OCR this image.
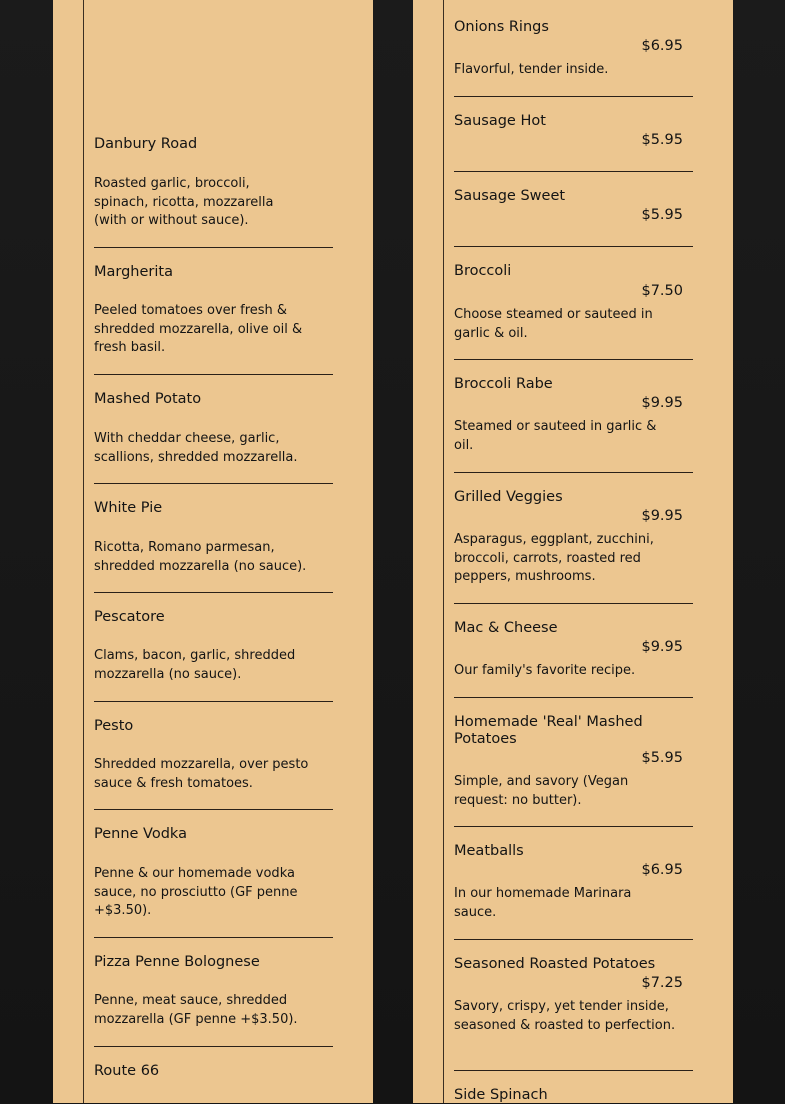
Danbury Road
Roasted garlic, broccoli, spinach, ricotta, mozzarella (with or without sauce).
Margherita
Peeled tomatoes over fresh & shredded mozzarella, olive oil & fresh basil.
Mashed Potato
With cheddar cheese, garlic, scallions, shredded mozzarella.
White Pie
Ricotta, Romano parmesan, shredded mozzarella (no sauce).
Pescatore
Clams, bacon, garlic, shredded mozzarella (no sauce).
Pesto
Shredded mozzarella, over pesto sauce & fresh tomatoes.
Penne Vodka
Penne & our homemade vodka sauce, no prosciutto (GF penne +$3.50).
Pizza Penne Bolognese
Penne, meat sauce, shredded mozzarella (GF penne +$3.50).
Route 66
Onions Rings
$6.95
Flavorful, tender inside.
Sausage Hot
$5.95
Sausage Sweet
$5.95
Broccoli
$7.50
Choose steamed or sauteed in garlic & oil.
Broccoli Rabe
$9.95
Steamed or sauteed in garlic & oil.
Grilled Veggies
$9.95
Asparagus, eggplant, zucchini, broccoli, carrots, roasted red peppers, mushrooms.
Mac & Cheese
$9.95
Our family's favorite recipe.
Homemade 'Real' Mashed Potatoes
$5.95
Simple, and savory (Vegan request: no butter).
Meatballs
$6.95
In our homemade Marinara sauce.
Seasoned Roasted Potatoes
$7.25
Savory, crispy, yet tender inside, seasoned & roasted to perfection.
Side Spinach
